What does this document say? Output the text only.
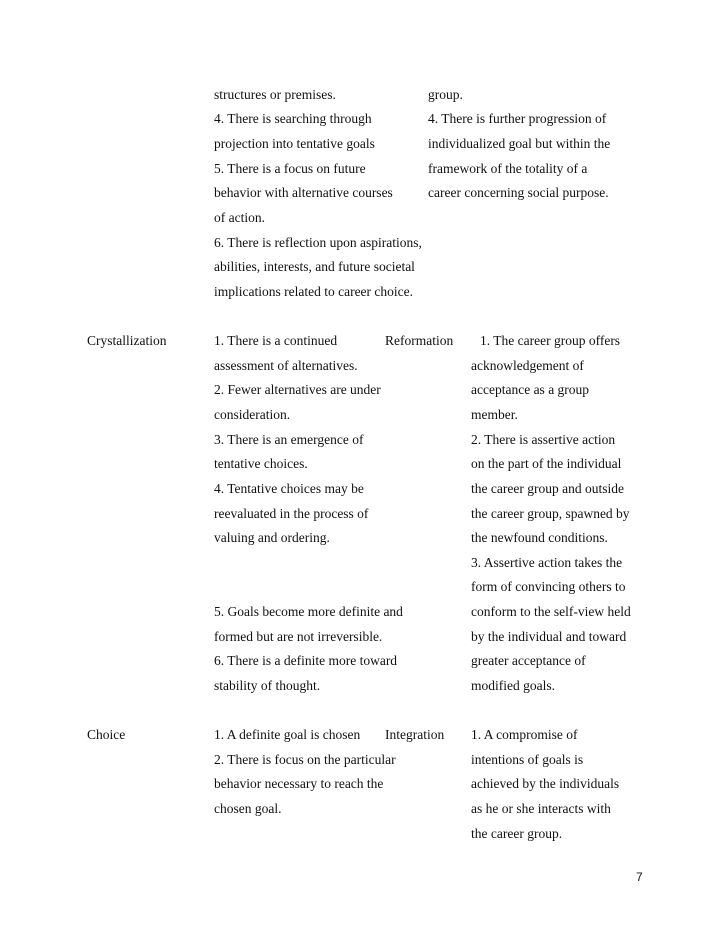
structures or premises.
4. There is searching through
projection into tentative goals
5. There is a focus on future
behavior with alternative courses
of action.
6. There is reflection upon aspirations,
abilities, interests, and future societal
implications related to career choice.
group.
4. There is further progression of
individualized goal but within the
framework of the totality of a
career concerning social purpose.
Crystallization	Reformation
1. There is a continued
assessment of alternatives.
2. Fewer alternatives are under
consideration.
3. There is an emergence of
tentative choices.
4. Tentative choices may be
reevaluated in the process of
valuing and ordering.
5. Goals become more definite and
formed but are not irreversible.
6. There is a definite more toward
stability of thought.
1. The career group offers
acknowledgement of
acceptance as a group
member.
2. There is assertive action
on the part of the individual
the career group and outside
the career group, spawned by
the newfound conditions.
3. Assertive action takes the
form of convincing others to
conform to the self-view held
by the individual and toward
greater acceptance of
modified goals.
Choice	Integration
1. A definite goal is chosen
2. There is focus on the particular
behavior necessary to reach the
chosen goal.
1. A compromise of
intentions of goals is
achieved by the individuals
as he or she interacts with
the career group.
7
